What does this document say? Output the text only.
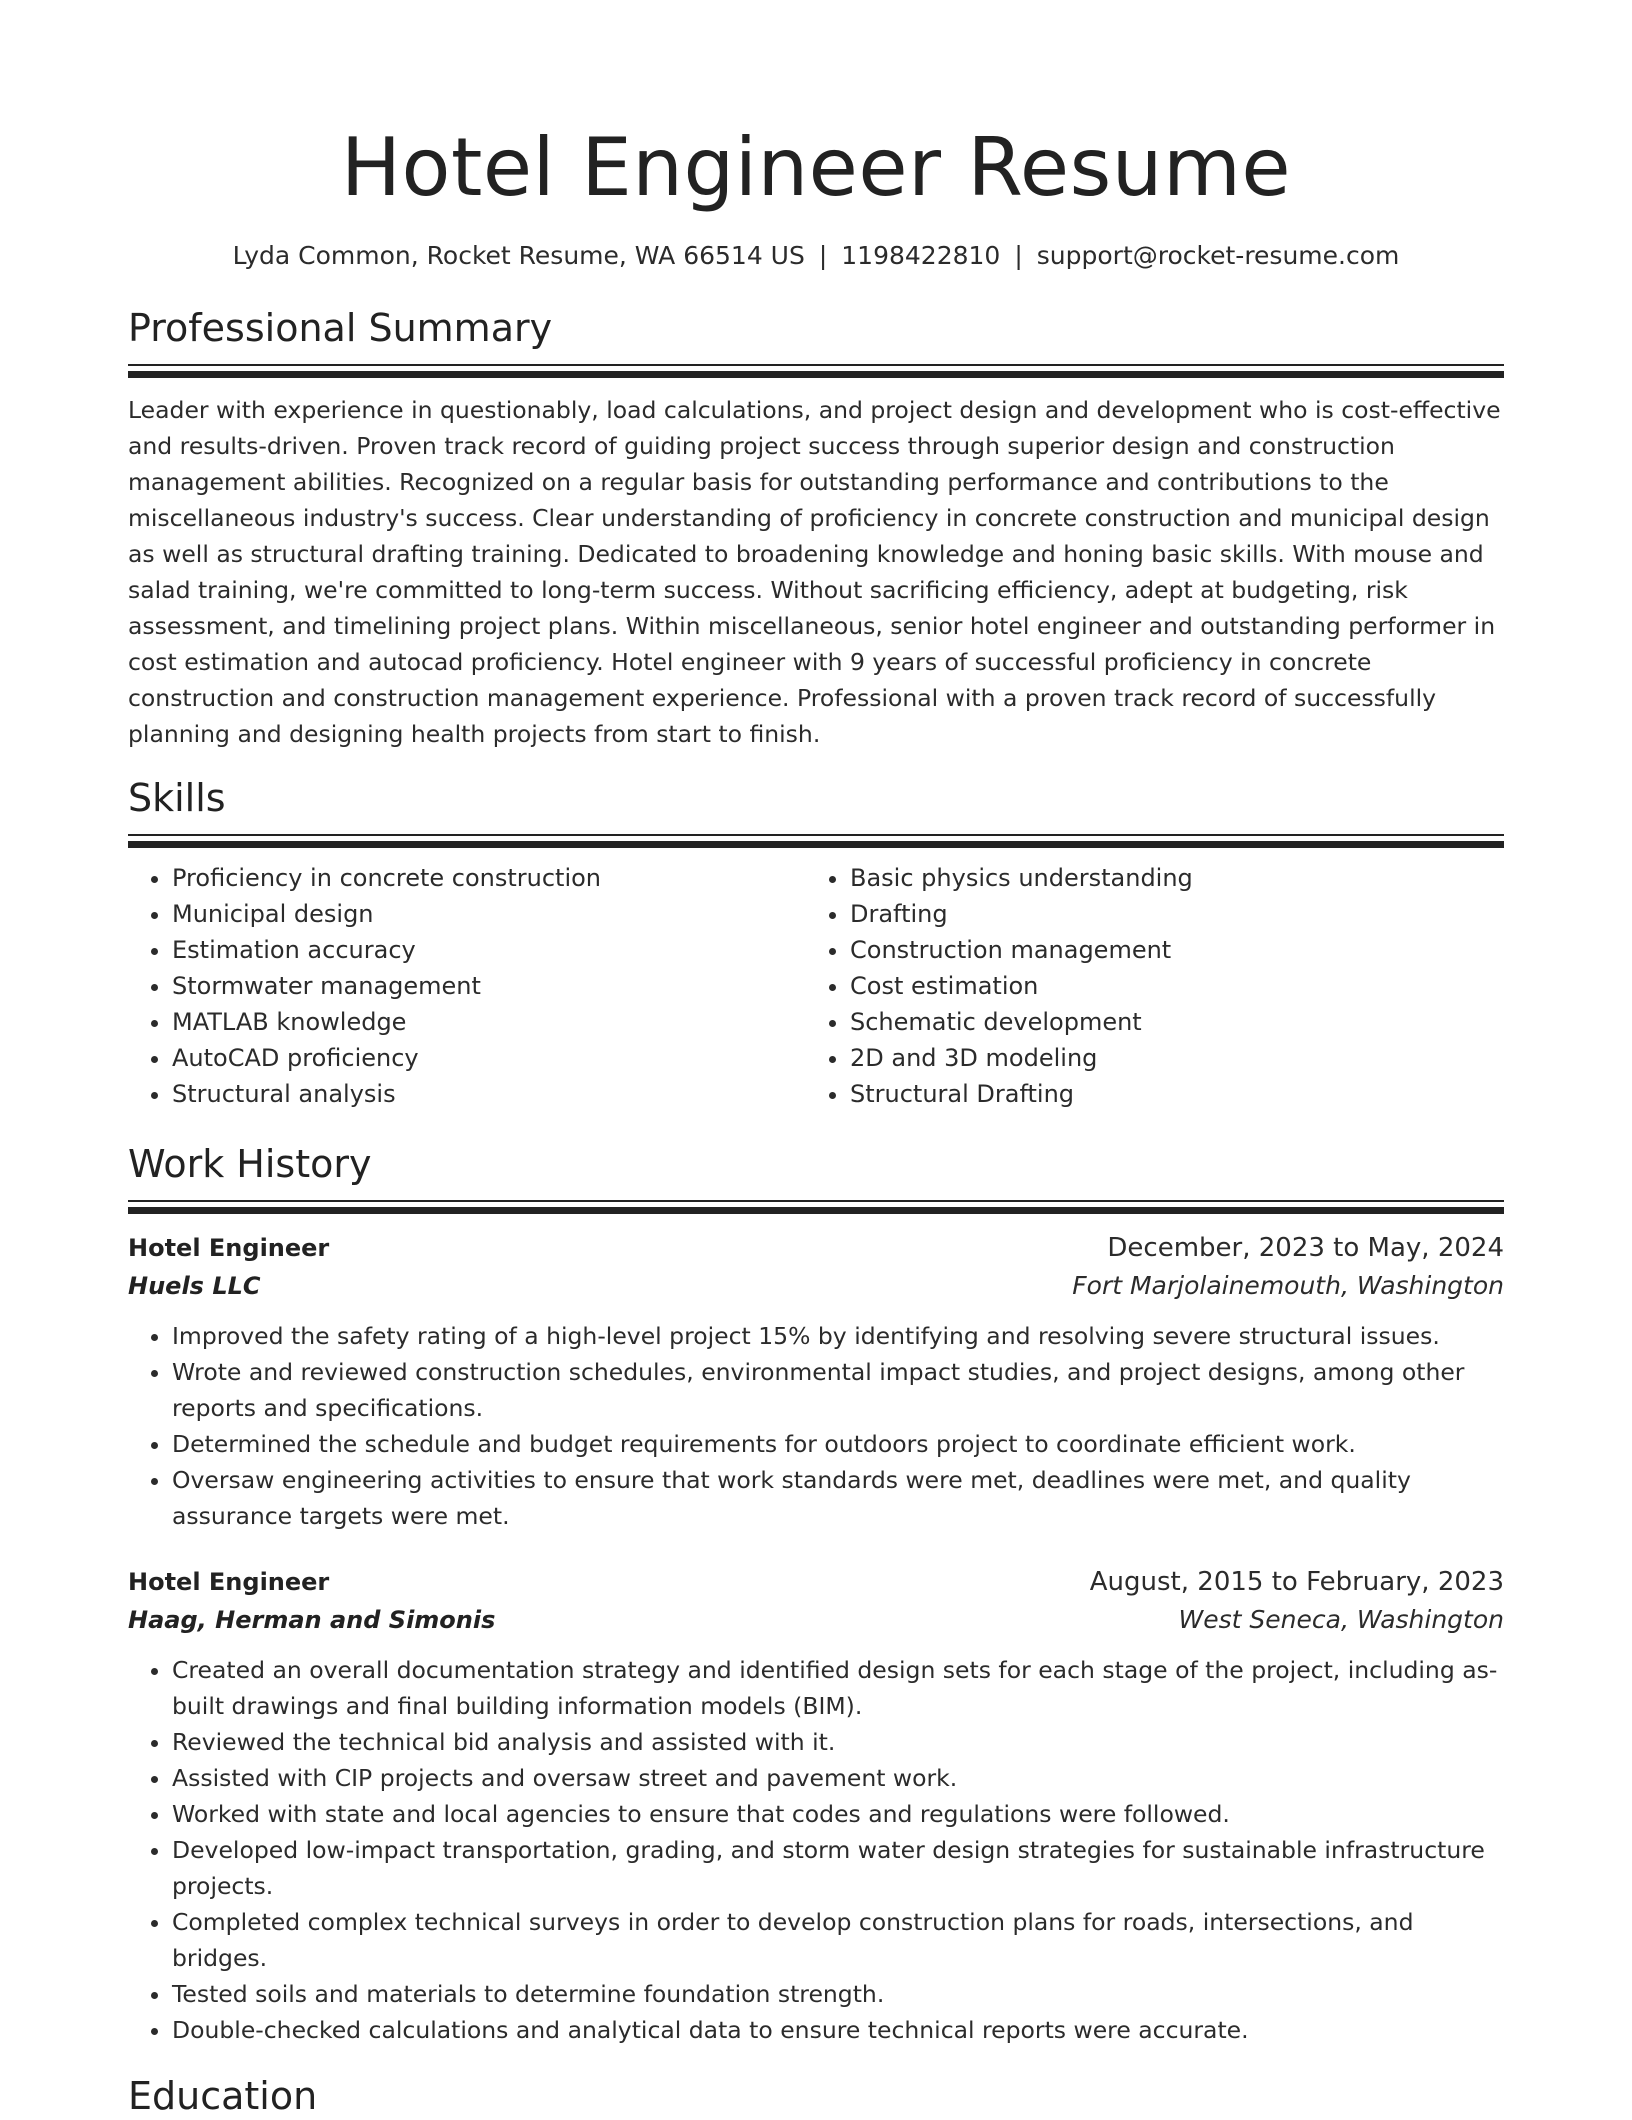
Hotel Engineer Resume
Lyda Common, Rocket Resume, WA 66514 US | 1198422810 | support@rocket-resume.com
Professional Summary

Leader with experience in questionably, load calculations, and project design and development who is cost-effective and results-driven. Proven track record of guiding project success through superior design and construction management abilities. Recognized on a regular basis for outstanding performance and contributions to the miscellaneous industry's success. Clear understanding of proficiency in concrete construction and municipal design as well as structural drafting training. Dedicated to broadening knowledge and honing basic skills. With mouse and salad training, we're committed to long-term success. Without sacrificing efficiency, adept at budgeting, risk assessment, and timelining project plans. Within miscellaneous, senior hotel engineer and outstanding performer in cost estimation and autocad proficiency. Hotel engineer with 9 years of successful proficiency in concrete construction and construction management experience. Professional with a proven track record of successfully planning and designing health projects from start to finish.

Skills
• Proficiency in concrete construction
• Municipal design
• Estimation accuracy
• Stormwater management
• MATLAB knowledge
• AutoCAD proficiency
• Structural analysis
• Basic physics understanding
• Drafting
• Construction management
• Cost estimation
• Schematic development
• 2D and 3D modeling
• Structural Drafting
Work History
Hotel Engineer	December, 2023 to May, 2024
Huels LLC	Fort Marjolainemouth, Washington
• Improved the safety rating of a high-level project 15% by identifying and resolving severe structural issues.
• Wrote and reviewed construction schedules, environmental impact studies, and project designs, among other reports and specifications.
• Determined the schedule and budget requirements for outdoors project to coordinate efficient work.
• Oversaw engineering activities to ensure that work standards were met, deadlines were met, and quality assurance targets were met.
Hotel Engineer	August, 2015 to February, 2023
Haag, Herman and Simonis	West Seneca, Washington
• Created an overall documentation strategy and identified design sets for each stage of the project, including as-built drawings and final building information models (BIM).
• Reviewed the technical bid analysis and assisted with it.
• Assisted with CIP projects and oversaw street and pavement work.
• Worked with state and local agencies to ensure that codes and regulations were followed.
• Developed low-impact transportation, grading, and storm water design strategies for sustainable infrastructure projects.
• Completed complex technical surveys in order to develop construction plans for roads, intersections, and bridges.
• Tested soils and materials to determine foundation strength.
• Double-checked calculations and analytical data to ensure technical reports were accurate.
Education
